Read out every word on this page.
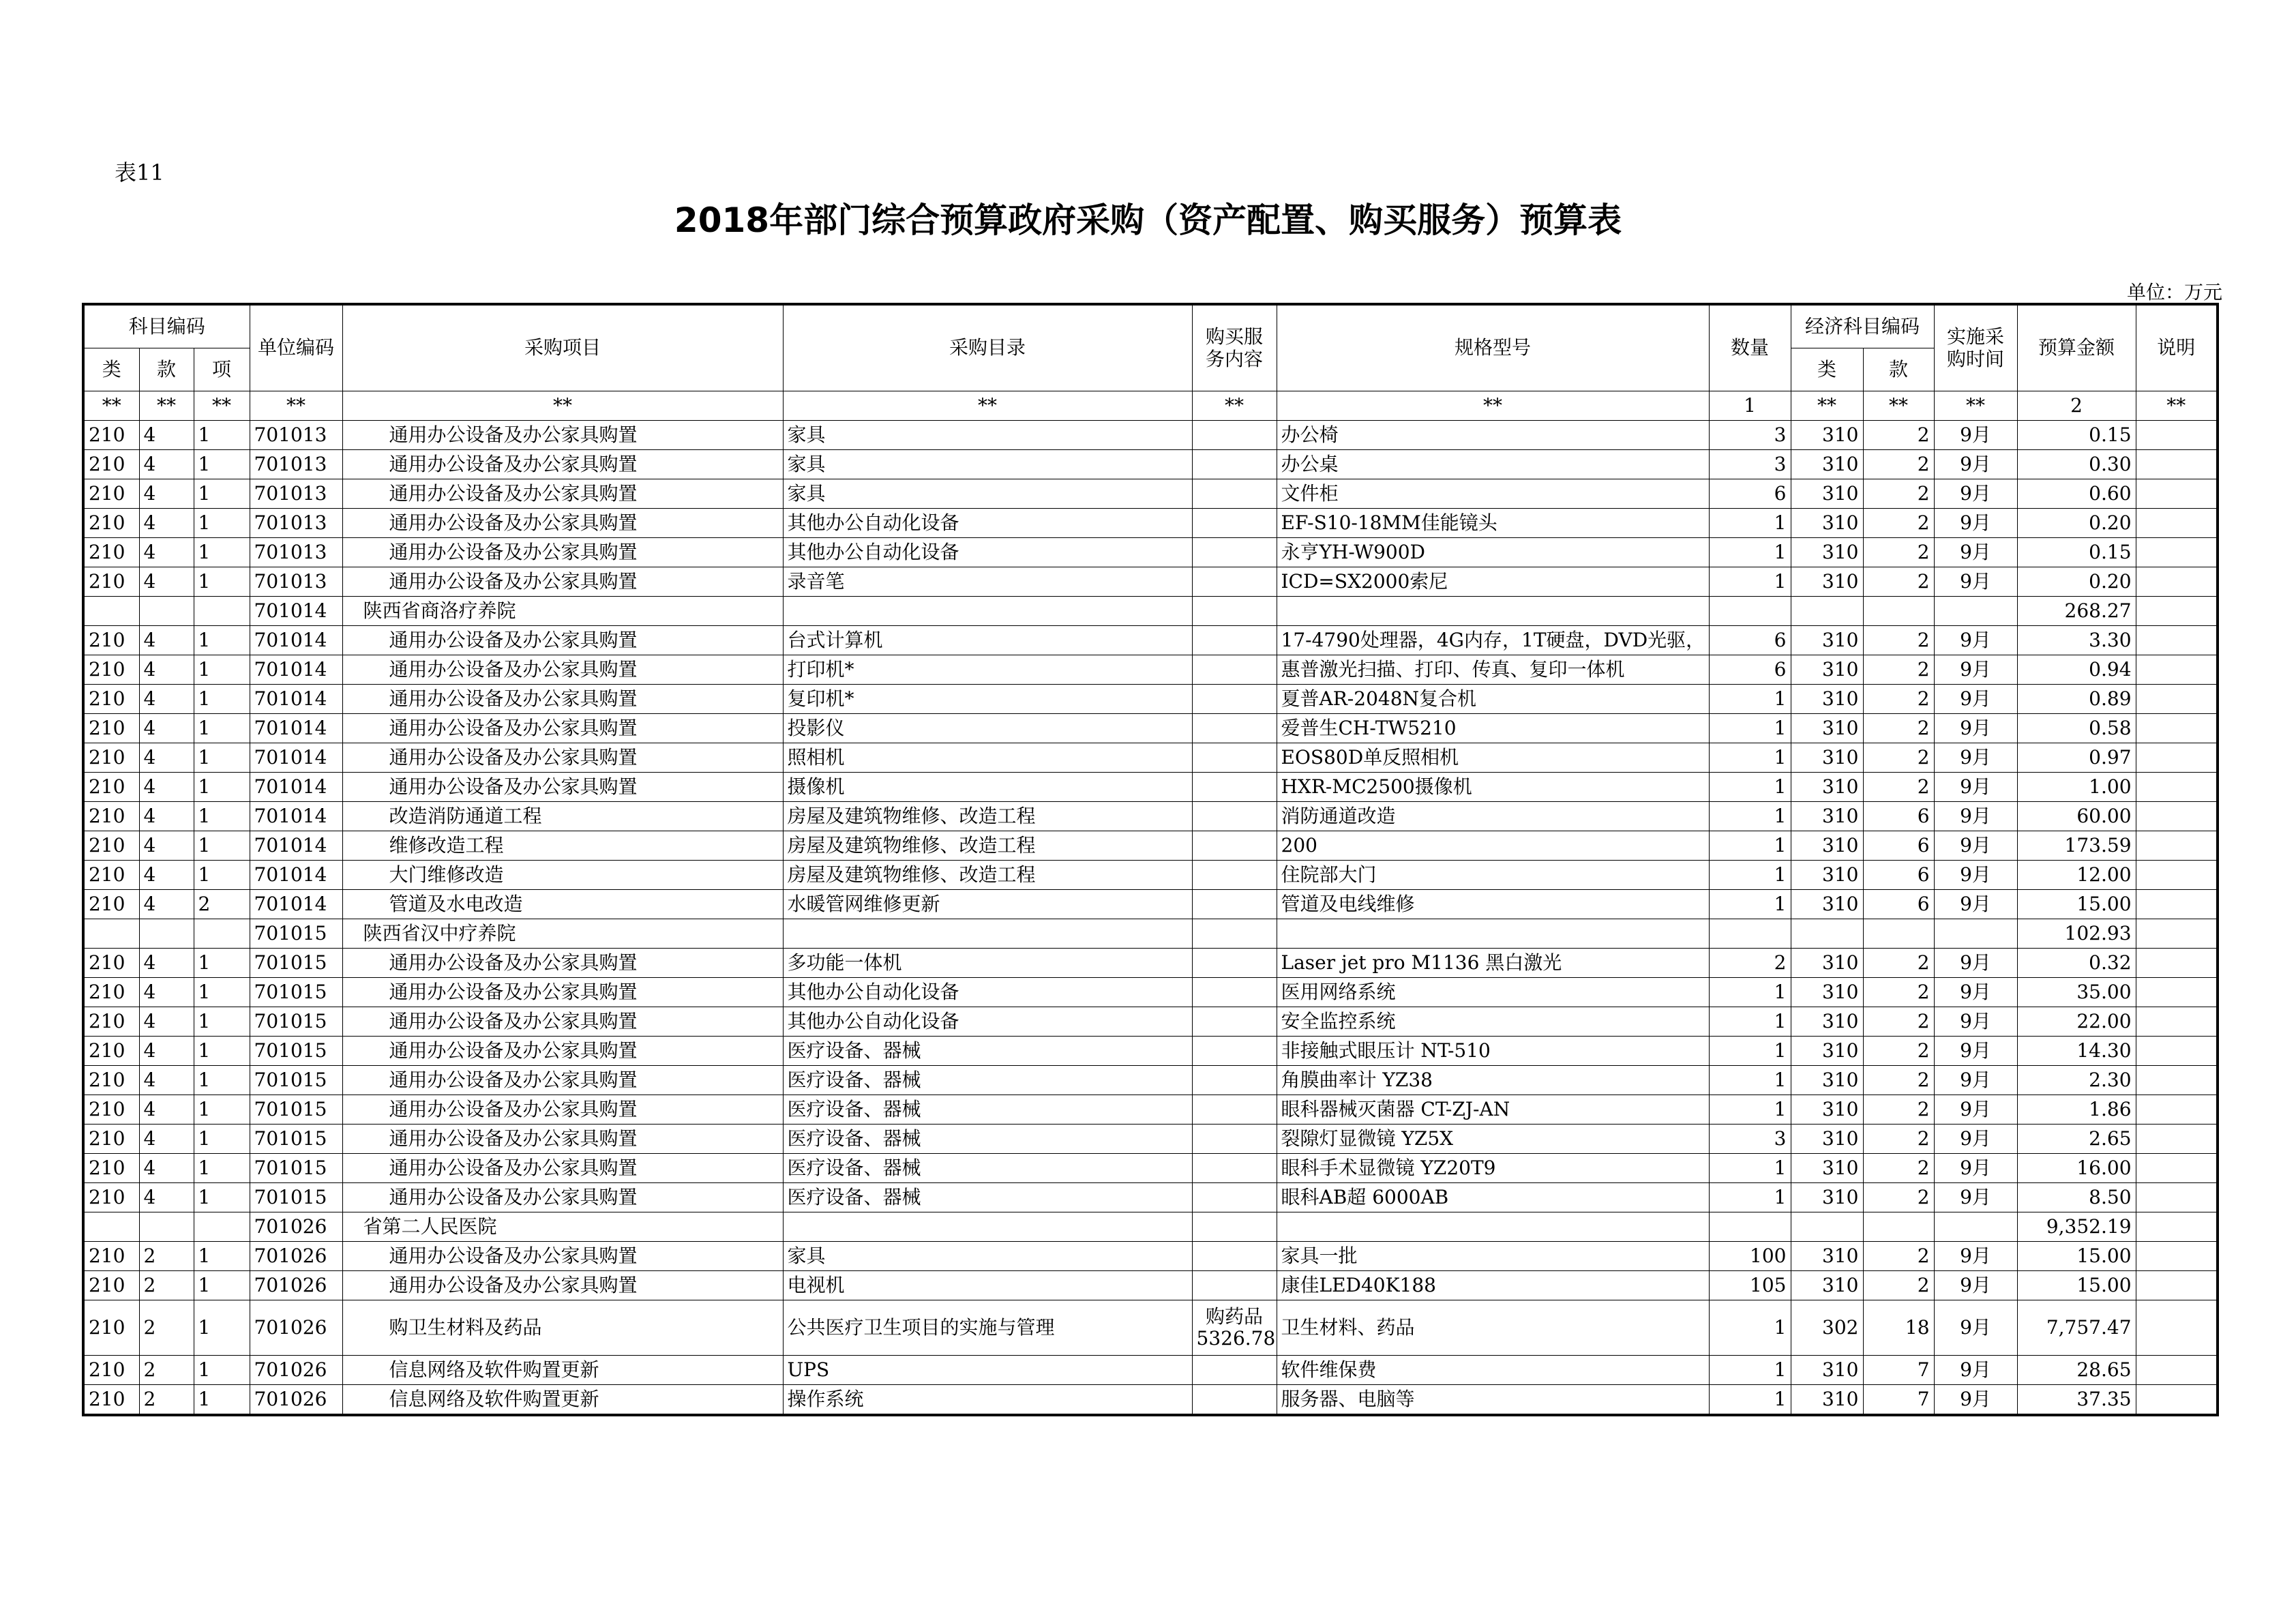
表11
2018年部门综合预算政府采购（资产配置、购买服务）预算表
单位：万元
科目编码			单位编码	采购项目	采购目录	购买服务内容	规格型号	数量	经济科目编码		实施采购时间	预算金额	说明
类	款	项							类	款			
**	**	**	**	**	**	**	**	1	**	**	**	2	**
210	4	1	701013	通用办公设备及办公家具购置	家具		办公椅	3	310	2	9月	0.15	
210	4	1	701013	通用办公设备及办公家具购置	家具		办公桌	3	310	2	9月	0.30	
210	4	1	701013	通用办公设备及办公家具购置	家具		文件柜	6	310	2	9月	0.60	
210	4	1	701013	通用办公设备及办公家具购置	其他办公自动化设备		EF-S10-18MM佳能镜头	1	310	2	9月	0.20	
210	4	1	701013	通用办公设备及办公家具购置	其他办公自动化设备		永亨YH-W900D	1	310	2	9月	0.15	
210	4	1	701013	通用办公设备及办公家具购置	录音笔		ICD=SX2000索尼	1	310	2	9月	0.20	
			701014	陕西省商洛疗养院								268.27	
210	4	1	701014	通用办公设备及办公家具购置	台式计算机		17-4790处理器，4G内存，1T硬盘，DVD光驱，	6	310	2	9月	3.30	
210	4	1	701014	通用办公设备及办公家具购置	打印机*		惠普激光扫描、打印、传真、复印一体机	6	310	2	9月	0.94	
210	4	1	701014	通用办公设备及办公家具购置	复印机*		夏普AR-2048N复合机	1	310	2	9月	0.89	
210	4	1	701014	通用办公设备及办公家具购置	投影仪		爱普生CH-TW5210	1	310	2	9月	0.58	
210	4	1	701014	通用办公设备及办公家具购置	照相机		EOS80D单反照相机	1	310	2	9月	0.97	
210	4	1	701014	通用办公设备及办公家具购置	摄像机		HXR-MC2500摄像机	1	310	2	9月	1.00	
210	4	1	701014	改造消防通道工程	房屋及建筑物维修、改造工程		消防通道改造	1	310	6	9月	60.00	
210	4	1	701014	维修改造工程	房屋及建筑物维修、改造工程		200	1	310	6	9月	173.59	
210	4	1	701014	大门维修改造	房屋及建筑物维修、改造工程		住院部大门	1	310	6	9月	12.00	
210	4	2	701014	管道及水电改造	水暖管网维修更新		管道及电线维修	1	310	6	9月	15.00	
			701015	陕西省汉中疗养院								102.93	
210	4	1	701015	通用办公设备及办公家具购置	多功能一体机		Laser jet pro M1136 黑白激光	2	310	2	9月	0.32	
210	4	1	701015	通用办公设备及办公家具购置	其他办公自动化设备		医用网络系统	1	310	2	9月	35.00	
210	4	1	701015	通用办公设备及办公家具购置	其他办公自动化设备		安全监控系统	1	310	2	9月	22.00	
210	4	1	701015	通用办公设备及办公家具购置	医疗设备、器械		非接触式眼压计 NT-510	1	310	2	9月	14.30	
210	4	1	701015	通用办公设备及办公家具购置	医疗设备、器械		角膜曲率计 YZ38	1	310	2	9月	2.30	
210	4	1	701015	通用办公设备及办公家具购置	医疗设备、器械		眼科器械灭菌器 CT-ZJ-AN	1	310	2	9月	1.86	
210	4	1	701015	通用办公设备及办公家具购置	医疗设备、器械		裂隙灯显微镜 YZ5X	3	310	2	9月	2.65	
210	4	1	701015	通用办公设备及办公家具购置	医疗设备、器械		眼科手术显微镜 YZ20T9	1	310	2	9月	16.00	
210	4	1	701015	通用办公设备及办公家具购置	医疗设备、器械		眼科AB超 6000AB	1	310	2	9月	8.50	
			701026	省第二人民医院								9,352.19	
210	2	1	701026	通用办公设备及办公家具购置	家具		家具一批	100	310	2	9月	15.00	
210	2	1	701026	通用办公设备及办公家具购置	电视机		康佳LED40K188	105	310	2	9月	15.00	
210	2	1	701026	购卫生材料及药品	公共医疗卫生项目的实施与管理	购药品5326.78	卫生材料、药品	1	302	18	9月	7,757.47	
210	2	1	701026	信息网络及软件购置更新	UPS		软件维保费	1	310	7	9月	28.65	
210	2	1	701026	信息网络及软件购置更新	操作系统		服务器、电脑等	1	310	7	9月	37.35	
